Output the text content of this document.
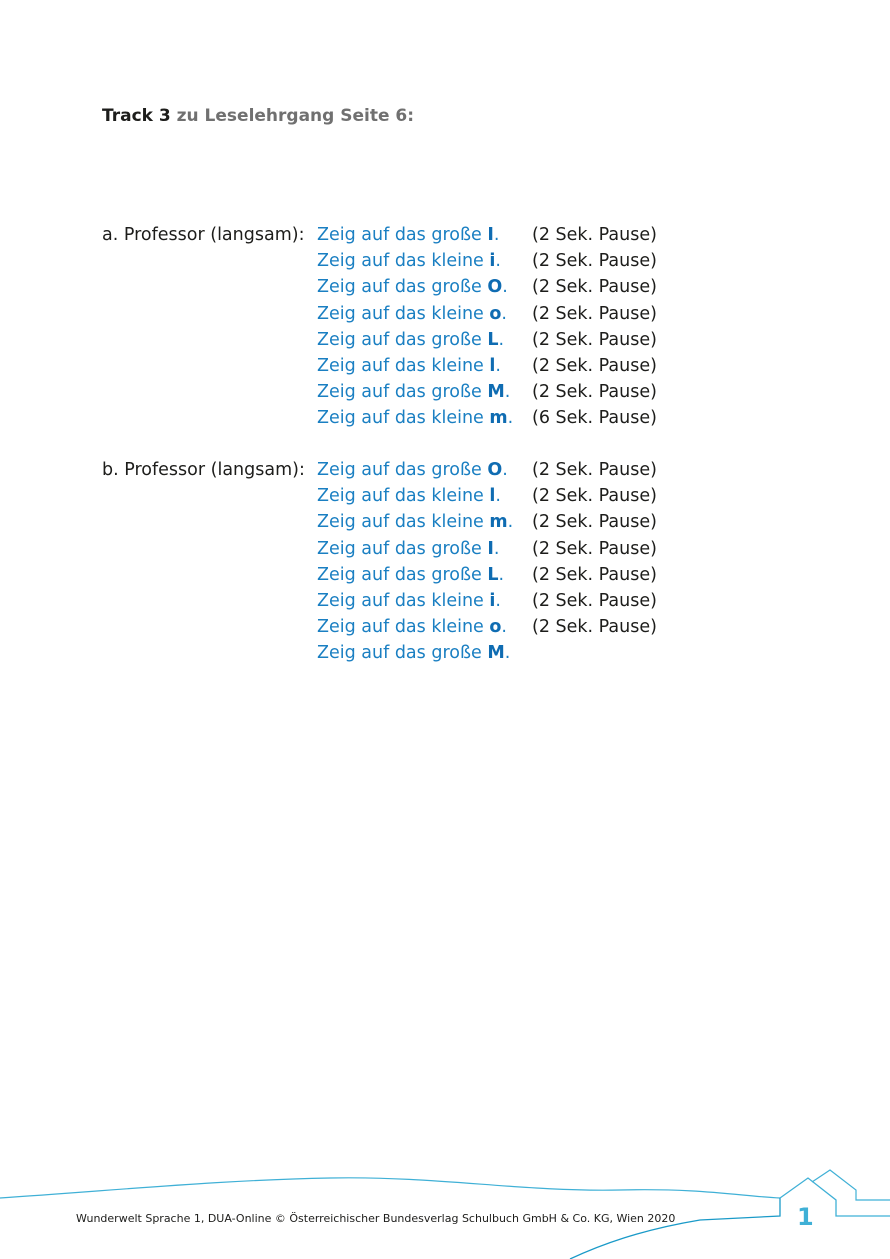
Track 3 zu Leselehrgang Seite 6:
a. Professor (langsam): Zeig auf das große I. (2 Sek. Pause)
Zeig auf das kleine i. (2 Sek. Pause)
Zeig auf das große O. (2 Sek. Pause)
Zeig auf das kleine o. (2 Sek. Pause)
Zeig auf das große L. (2 Sek. Pause)
Zeig auf das kleine l. (2 Sek. Pause)
Zeig auf das große M. (2 Sek. Pause)
Zeig auf das kleine m. (6 Sek. Pause)
b. Professor (langsam): Zeig auf das große O. (2 Sek. Pause)
Zeig auf das kleine l. (2 Sek. Pause)
Zeig auf das kleine m. (2 Sek. Pause)
Zeig auf das große I. (2 Sek. Pause)
Zeig auf das große L. (2 Sek. Pause)
Zeig auf das kleine i. (2 Sek. Pause)
Zeig auf das kleine o. (2 Sek. Pause)
Zeig auf das große M.
Wunderwelt Sprache 1, DUA-Online © Österreichischer Bundesverlag Schulbuch GmbH & Co. KG, Wien 2020	1
